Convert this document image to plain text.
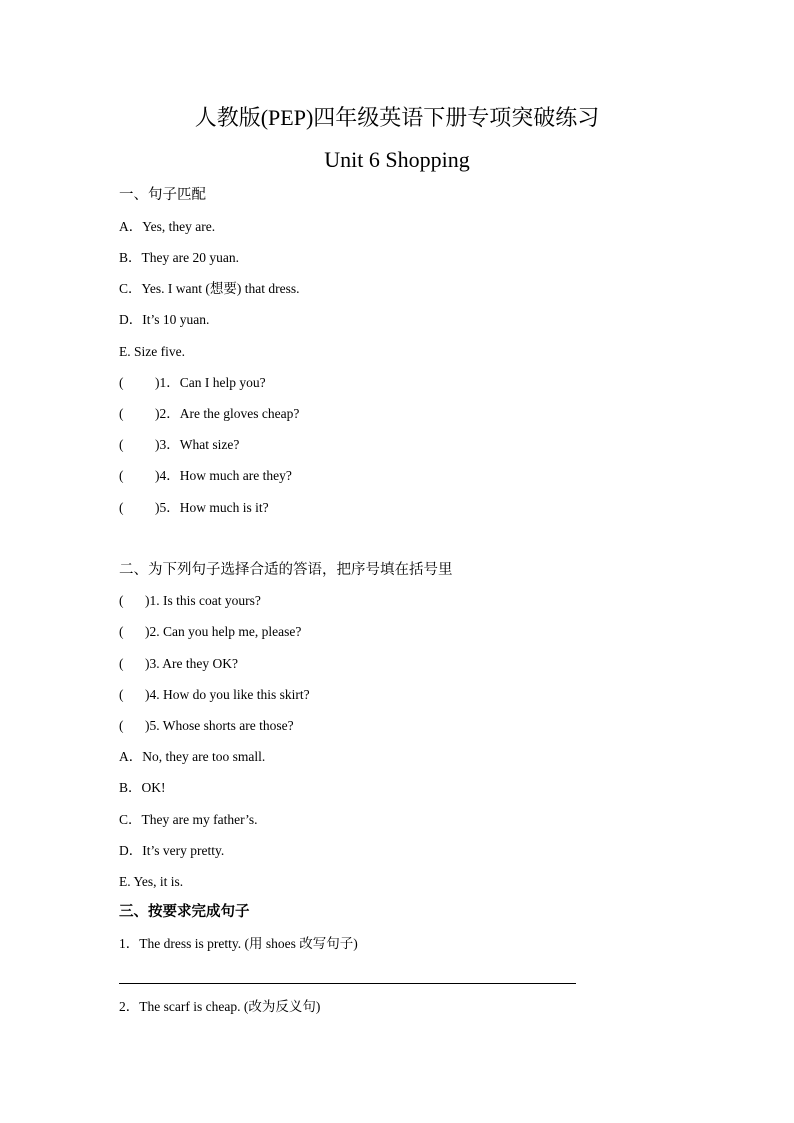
人教版(PEP)四年级英语下册专项突破练习
Unit 6 Shopping
一、句子匹配
A．Yes, they are.
B．They are 20 yuan.
C．Yes. I want (想要) that dress.
D．It’s 10 yuan.
E. Size five.
( )1．Can I help you?
( )2．Are the gloves cheap?
( )3．What size?
( )4．How much are they?
( )5．How much is it?
二、为下列句子选择合适的答语，把序号填在括号里
( )1. Is this coat yours?
( )2. Can you help me, please?
( )3. Are they OK?
( )4. How do you like this skirt?
( )5. Whose shorts are those?
A．No, they are too small.
B．OK!
C．They are my father’s.
D．It’s very pretty.
E. Yes, it is.
三、按要求完成句子
1．The dress is pretty. (用 shoes 改写句子)
2．The scarf is cheap. (改为反义句)
